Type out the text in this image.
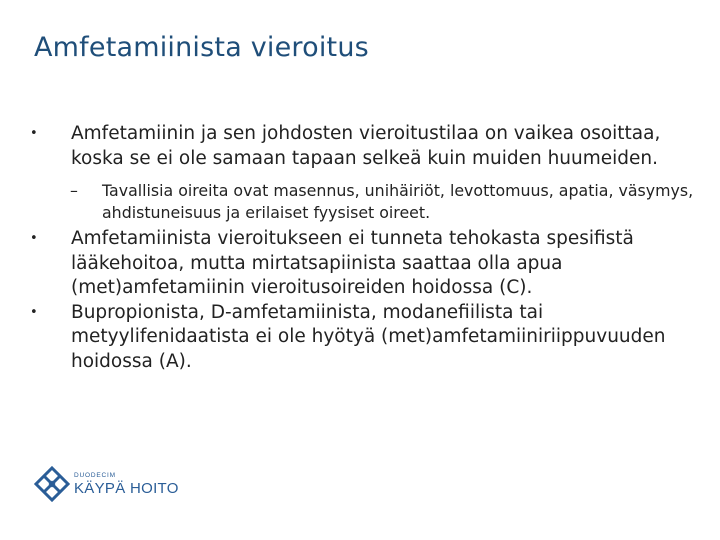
Amfetamiinista vieroitus
•	Amfetamiinin ja sen johdosten vieroitustilaa on vaikea osoittaa, koska se ei ole samaan tapaan selkeä kuin muiden huumeiden.
–	Tavallisia oireita ovat masennus, unihäiriöt, levottomuus, apatia, väsymys, ahdistuneisuus ja erilaiset fyysiset oireet.
•	Amfetamiinista vieroitukseen ei tunneta tehokasta spesifistä lääkehoitoa, mutta mirtatsapiinista saattaa olla apua (met)amfetamiinin vieroitusoireiden hoidossa (C).
•	Bupropionista, D-amfetamiinista, modanefiilista tai metyylifenidaatista ei ole hyötyä (met)amfetamiiniriippuvuuden hoidossa (A).
DUODECIM
KÄYPÄ HOITO
